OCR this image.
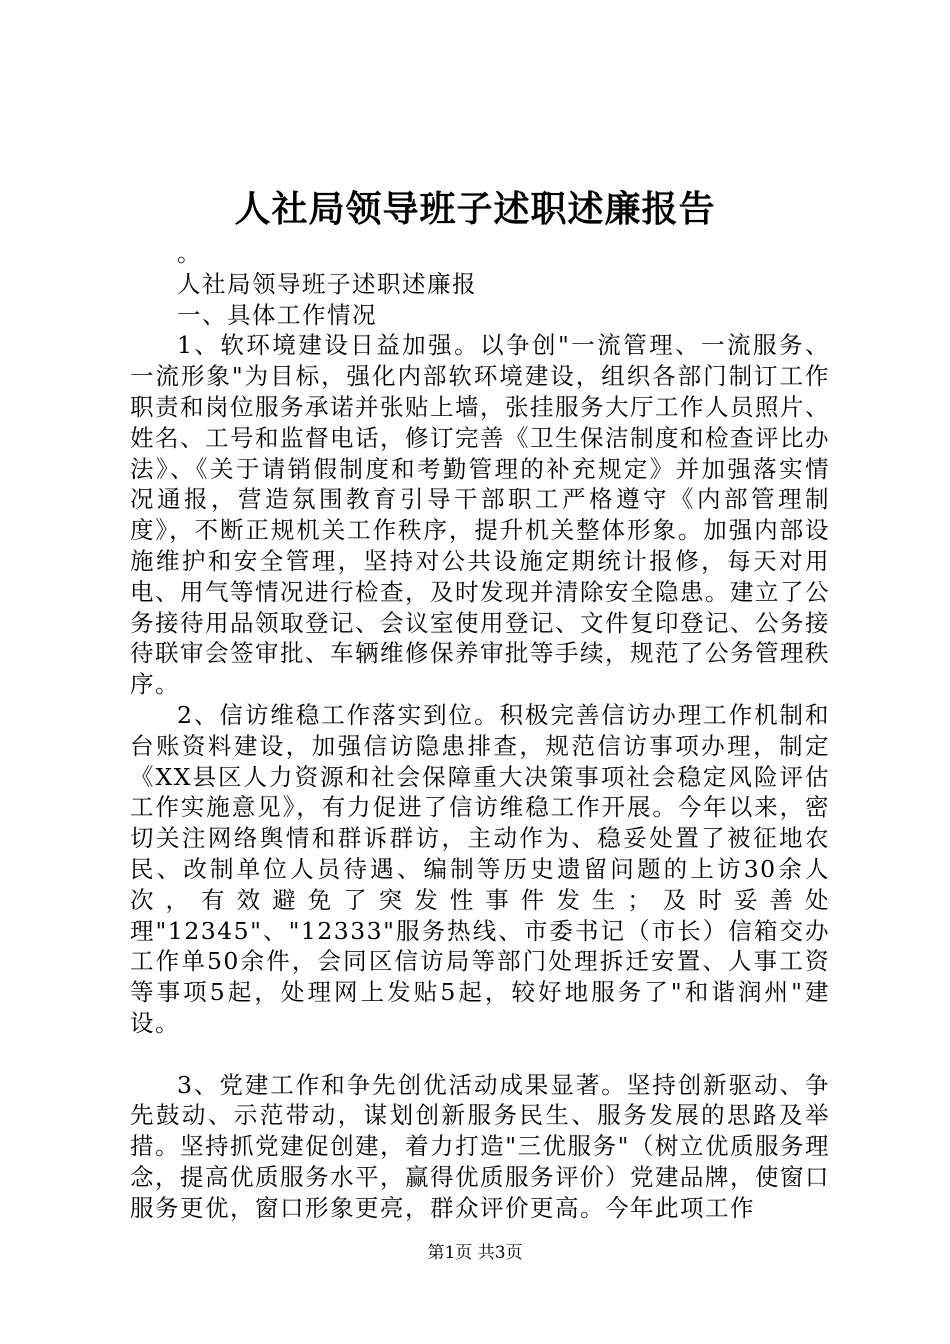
人社局领导班子述职述廉报告

。

人社局领导班子述职述廉报

一、具体工作情况

1、软环境建设日益加强。以争创"一流管理、一流服务、一流形象"为目标，强化内部软环境建设，组织各部门制订工作职责和岗位服务承诺并张贴上墙，张挂服务大厅工作人员照片、姓名、工号和监督电话，修订完善《卫生保洁制度和检查评比办法》、《关于请销假制度和考勤管理的补充规定》并加强落实情况通报，营造氛围教育引导干部职工严格遵守《内部管理制度》，不断正规机关工作秩序，提升机关整体形象。加强内部设施维护和安全管理，坚持对公共设施定期统计报修，每天对用电、用气等情况进行检查，及时发现并清除安全隐患。建立了公务接待用品领取登记、会议室使用登记、文件复印登记、公务接待联审会签审批、车辆维修保养审批等手续，规范了公务管理秩序。

2、信访维稳工作落实到位。积极完善信访办理工作机制和台账资料建设，加强信访隐患排查，规范信访事项办理，制定《XX县区人力资源和社会保障重大决策事项社会稳定风险评估工作实施意见》，有力促进了信访维稳工作开展。今年以来，密切关注网络舆情和群诉群访，主动作为、稳妥处置了被征地农民、改制单位人员待遇、编制等历史遗留问题的上访30余人次，有效避免了突发性事件发生；及时妥善处理"12345"、"12333"服务热线、市委书记（市长）信箱交办工作单50余件，会同区信访局等部门处理拆迁安置、人事工资等事项5起，处理网上发贴5起，较好地服务了"和谐润州"建设。

3、党建工作和争先创优活动成果显著。坚持创新驱动、争先鼓动、示范带动，谋划创新服务民生、服务发展的思路及举措。坚持抓党建促创建，着力打造"三优服务"（树立优质服务理念，提高优质服务水平，赢得优质服务评价）党建品牌，使窗口服务更优，窗口形象更亮，群众评价更高。今年此项工作

第1页 共3页
